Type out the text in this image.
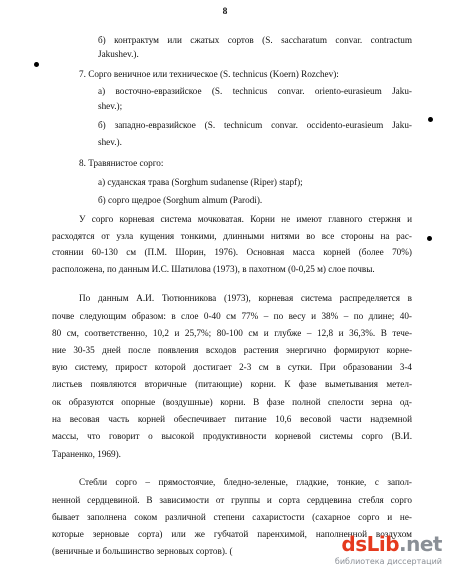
8
б) контрактум или сжатых сортов (S. saccharatum convar. contractum
Jakushev.).
7. Сорго веничное или техническое (S. technicus (Koern) Rozchev):
а) восточно-евразийское (S. technicus convar. oriento-eurasieum Jaku-
shev.);
б) западно-евразийское (S. technicum convar. occidento-eurasieum Jaku-
shev.).
8. Травянистое сорго:
а) суданская трава (Sorghum sudanense (Riper) stapf);
б) сорго щедрое (Sorghum almum (Parodi).
У сорго корневая система мочковатая. Корни не имеют главного стержня и
расходятся от узла кущения тонкими, длинными нитями во все стороны на рас-
стоянии 60-130 см (П.М. Шорин, 1976). Основная масса корней (более 70%)
расположена, по данным И.С. Шатилова (1973), в пахотном (0-0,25 м) слое почвы.
По данным А.И. Тютюнникова (1973), корневая система распределяется в
почве следующим образом: в слое 0-40 см 77% – по весу и 38% – по длине; 40-
80 см, соответственно, 10,2 и 25,7%; 80-100 см и глубже – 12,8 и 36,3%. В тече-
ние 30-35 дней после появления всходов растения энергично формируют корне-
вую систему, прирост которой достигает 2-3 см в сутки. При образовании 3-4
листьев появляются вторичные (питающие) корни. К фазе выметывания метел-
ок образуются опорные (воздушные) корни. В фазе полной спелости зерна од-
на весовая часть корней обеспечивает питание 10,6 весовой части надземной
массы, что говорит о высокой продуктивности корневой системы сорго (В.И.
Тараненко, 1969).
Стебли сорго – прямостоячие, бледно-зеленые, гладкие, тонкие, с запол-
ненной сердцевиной. В зависимости от группы и сорта сердцевина стебля сорго
бывает заполнена соком различной степени сахаристости (сахарное сорго и не-
которые зерновые сорта) или же губчатой паренхимой, наполненной воздухом
(веничные и большинство зерновых сортов). (	dsLib.net
библиотека диссертаций
